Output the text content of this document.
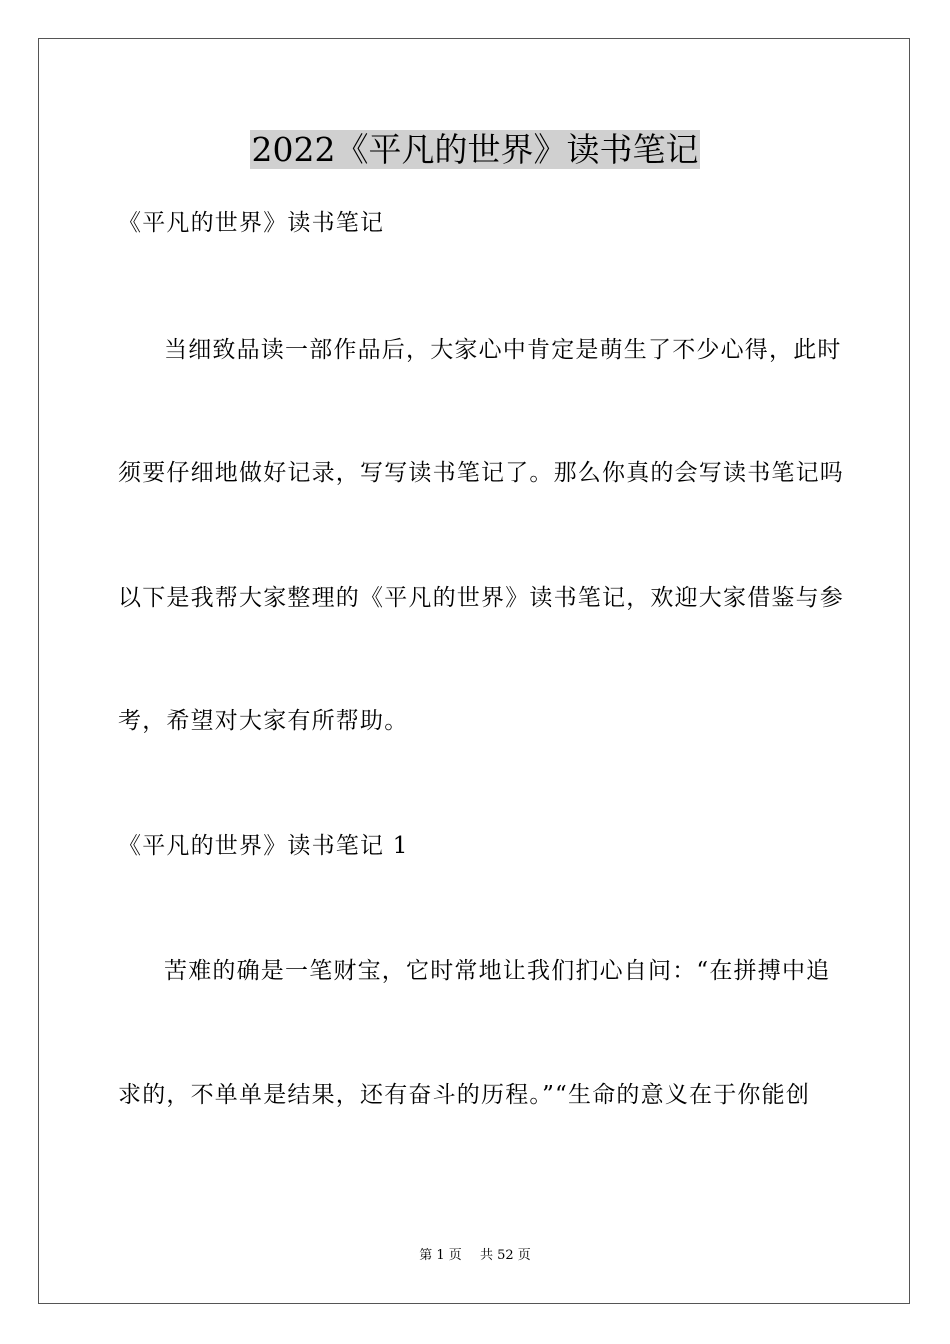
2022《平凡的世界》读书笔记
《平凡的世界》读书笔记
当细致品读一部作品后，大家心中肯定是萌生了不少心得，此时
须要仔细地做好记录，写写读书笔记了。那么你真的会写读书笔记吗
以下是我帮大家整理的《平凡的世界》读书笔记，欢迎大家借鉴与参
考，希望对大家有所帮助。
《平凡的世界》读书笔记 1
苦难的确是一笔财宝，它时常地让我们扪心自问：“在拼搏中追
求的，不单单是结果，还有奋斗的历程。”“生命的意义在于你能创
第 1 页 共 52 页
